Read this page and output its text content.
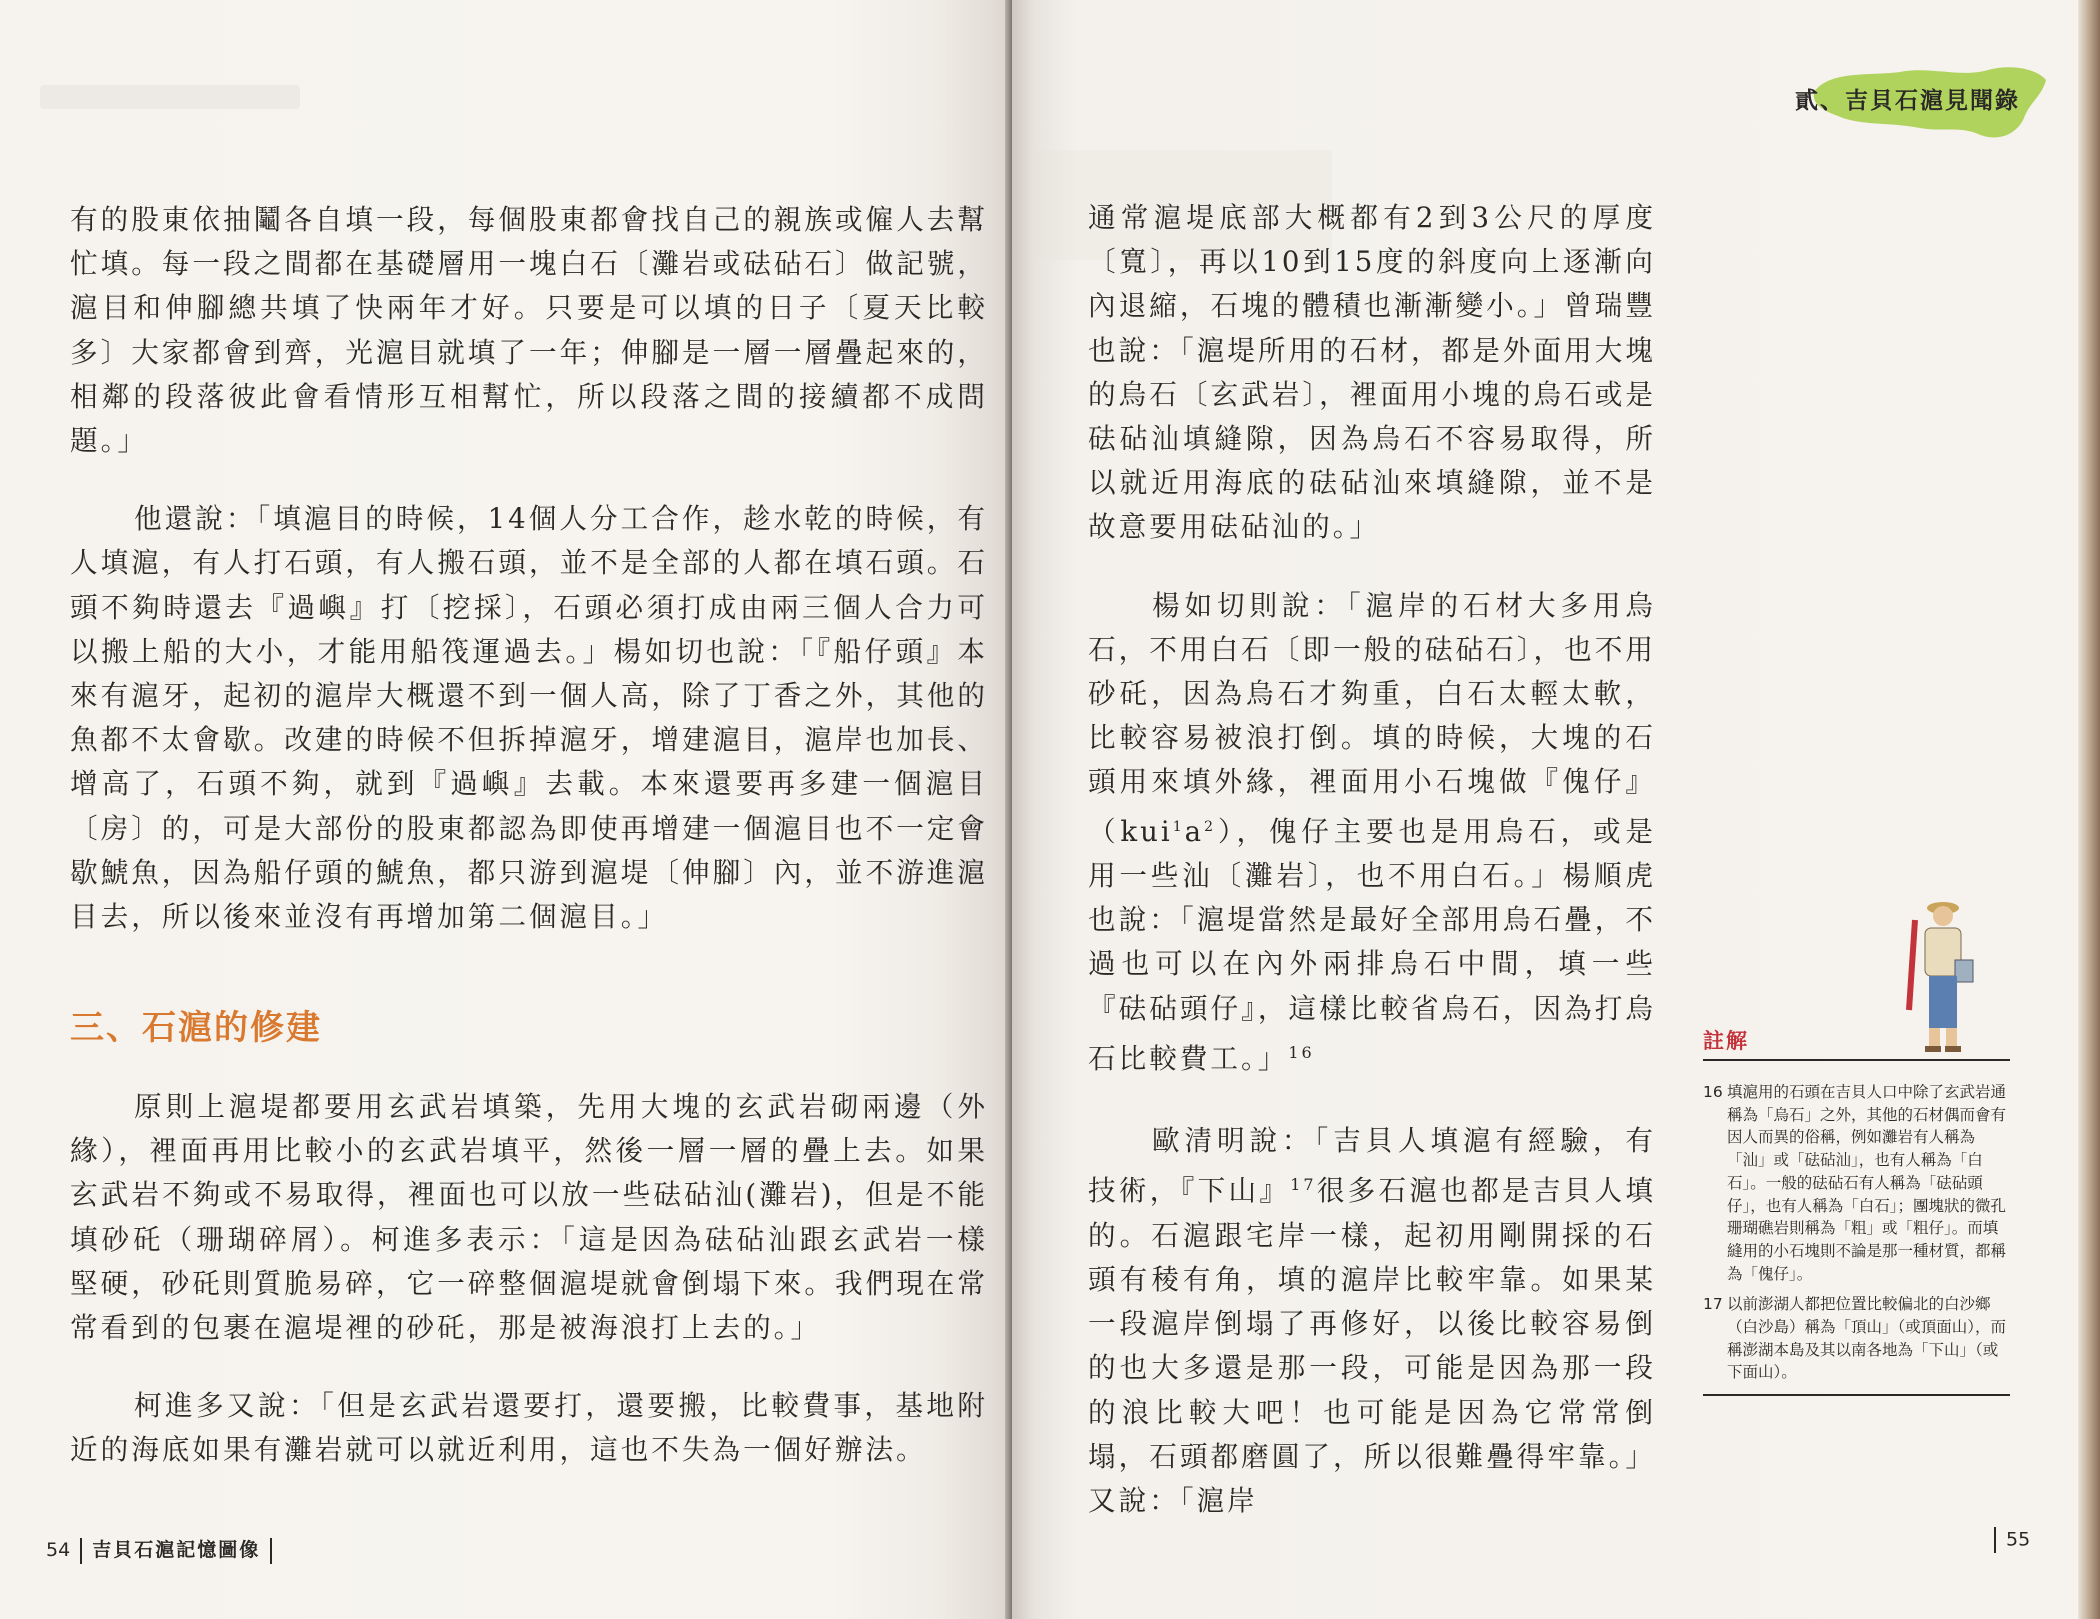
有的股東依抽鬮各自填一段，每個股東都會找自己的親族或僱人去幫忙填。每一段之間都在基礎層用一塊白石〔灘岩或砝砧石〕做記號，滬目和伸腳總共填了快兩年才好。只要是可以填的日子〔夏天比較多〕大家都會到齊，光滬目就填了一年；伸腳是一層一層疊起來的，相鄰的段落彼此會看情形互相幫忙，所以段落之間的接續都不成問題。」

他還說：「填滬目的時候，14個人分工合作，趁水乾的時候，有人填滬，有人打石頭，有人搬石頭，並不是全部的人都在填石頭。石頭不夠時還去『過嶼』打〔挖採〕，石頭必須打成由兩三個人合力可以搬上船的大小，才能用船筏運過去。」楊如切也說：「『船仔頭』本來有滬牙，起初的滬岸大概還不到一個人高，除了丁香之外，其他的魚都不太會歇。改建的時候不但拆掉滬牙，增建滬目，滬岸也加長、增高了，石頭不夠，就到『過嶼』去載。本來還要再多建一個滬目〔房〕的，可是大部份的股東都認為即使再增建一個滬目也不一定會歇鯱魚，因為船仔頭的鯱魚，都只游到滬堤〔伸腳〕內，並不游進滬目去，所以後來並沒有再增加第二個滬目。」

三、石滬的修建

原則上滬堤都要用玄武岩填築，先用大塊的玄武岩砌兩邊（外緣），裡面再用比較小的玄武岩填平，然後一層一層的疊上去。如果玄武岩不夠或不易取得，裡面也可以放一些砝砧汕(灘岩)，但是不能填砂矺（珊瑚碎屑）。柯進多表示：「這是因為砝砧汕跟玄武岩一樣堅硬，砂矺則質脆易碎，它一碎整個滬堤就會倒塌下來。我們現在常常看到的包裹在滬堤裡的砂矺，那是被海浪打上去的。」

柯進多又說：「但是玄武岩還要打，還要搬，比較費事，基地附近的海底如果有灘岩就可以就近利用，這也不失為一個好辦法。

54 吉貝石滬記憶圖像
貳、吉貝石滬見聞錄

通常滬堤底部大概都有2到3公尺的厚度〔寬〕，再以10到15度的斜度向上逐漸向內退縮，石塊的體積也漸漸變小。」曾瑞豐也說：「滬堤所用的石材，都是外面用大塊的烏石〔玄武岩〕，裡面用小塊的烏石或是砝砧汕填縫隙，因為烏石不容易取得，所以就近用海底的砝砧汕來填縫隙，並不是故意要用砝砧汕的。」

楊如切則說：「滬岸的石材大多用烏石，不用白石〔即一般的砝砧石〕，也不用砂矺，因為烏石才夠重，白石太輕太軟，比較容易被浪打倒。填的時候，大塊的石頭用來填外緣，裡面用小石塊做『傀仔』$(kui^1a^2)$，傀仔主要也是用烏石，或是用一些汕〔灘岩〕，也不用白石。」楊順虎也說：「滬堤當然是最好全部用烏石疊，不過也可以在內外兩排烏石中間，填一些『砝砧頭仔』，這樣比較省烏石，因為打烏石比較費工。」$^{16}$

歐清明說：「吉貝人填滬有經驗，有技術，『下山』$^{17}$很多石滬也都是吉貝人填的。石滬跟宅岸一樣，起初用剛開採的石頭有稜有角，填的滬岸比較牢靠。如果某一段滬岸倒塌了再修好，以後比較容易倒的也大多還是那一段，可能是因為那一段的浪比較大吧！也可能是因為它常常倒塌，石頭都磨圓了，所以很難疊得牢靠。」又說：「滬岸

註解
16 填滬用的石頭在吉貝人口中除了玄武岩通稱為「烏石」之外，其他的石材偶而會有因人而異的俗稱，例如灘岩有人稱為「汕」或「砝砧汕」，也有人稱為「白石」。一般的砝砧石有人稱為「砝砧頭仔」，也有人稱為「白石」；團塊狀的微孔珊瑚礁岩則稱為「粗」或「粗仔」。而填縫用的小石塊則不論是那一種材質，都稱為「傀仔」。
17 以前澎湖人都把位置比較偏北的白沙鄉（白沙島）稱為「頂山」（或頂面山），而稱澎湖本島及其以南各地為「下山」（或下面山）。
55
